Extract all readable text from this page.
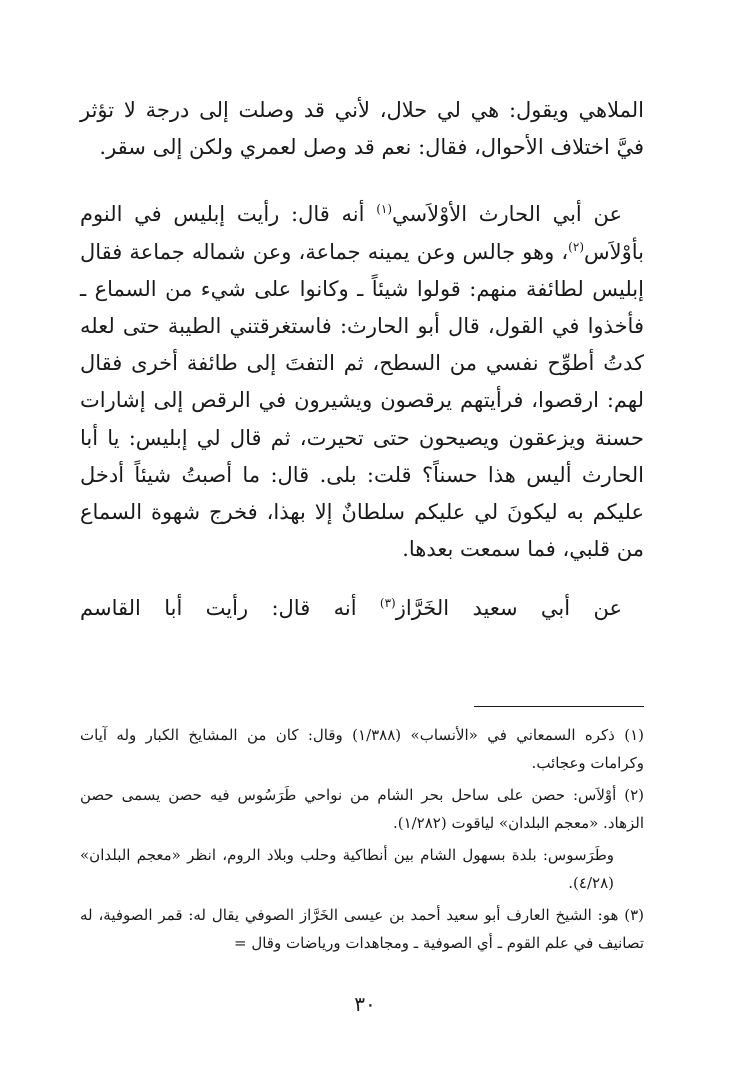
الملاهي ويقول: هي لي حلال، لأني قد وصلت إلى درجة لا تؤثر فيَّ اختلاف الأحوال، فقال: نعم قد وصل لعمري ولكن إلى سقر.

عن أبي الحارث الأوْلاَسي$^{(١)}$ أنه قال: رأيت إبليس في النوم بأوْلاَس$^{(٢)}$، وهو جالس وعن يمينه جماعة، وعن شماله جماعة فقال إبليس لطائفة منهم: قولوا شيئاً ـ وكانوا على شيء من السماع ـ فأخذوا في القول، قال أبو الحارث: فاستغرقتني الطيبة حتى لعله كدتُ أطوِّح نفسي من السطح، ثم التفتَ إلى طائفة أخرى فقال لهم: ارقصوا، فرأيتهم يرقصون ويشيرون في الرقص إلى إشارات حسنة ويزعقون ويصيحون حتى تحيرت، ثم قال لي إبليس: يا أبا الحارث أليس هذا حسناً؟ قلت: بلى. قال: ما أصبتُ شيئاً أدخل عليكم به ليكونَ لي عليكم سلطانٌ إلا بهذا، فخرج شهوة السماع من قلبي، فما سمعت بعدها.

عن أبي سعيد الخَرَّاز$^{(٣)}$ أنه قال: رأيت أبا القاسم

(١) ذكره السمعاني في «الأنساب» (١/٣٨٨) وقال: كان من المشايخ الكبار وله آيات وكرامات وعجائب.

(٢) أوْلاَس: حصن على ساحل بحر الشام من نواحي طَرَسُوس فيه حصن يسمى حصن الزهاد. «معجم البلدان» لياقوت (١/٢٨٢).

وطَرَسوس: بلدة بسهول الشام بين أنطاكية وحلب وبلاد الروم، انظر «معجم البلدان» (٤/٢٨).

(٣) هو: الشيخ العارف أبو سعيد أحمد بن عيسى الخَرَّاز الصوفي يقال له: قمر الصوفية، له تصانيف في علم القوم ـ أي الصوفية ـ ومجاهدات ورياضات وقال =

٣٠
